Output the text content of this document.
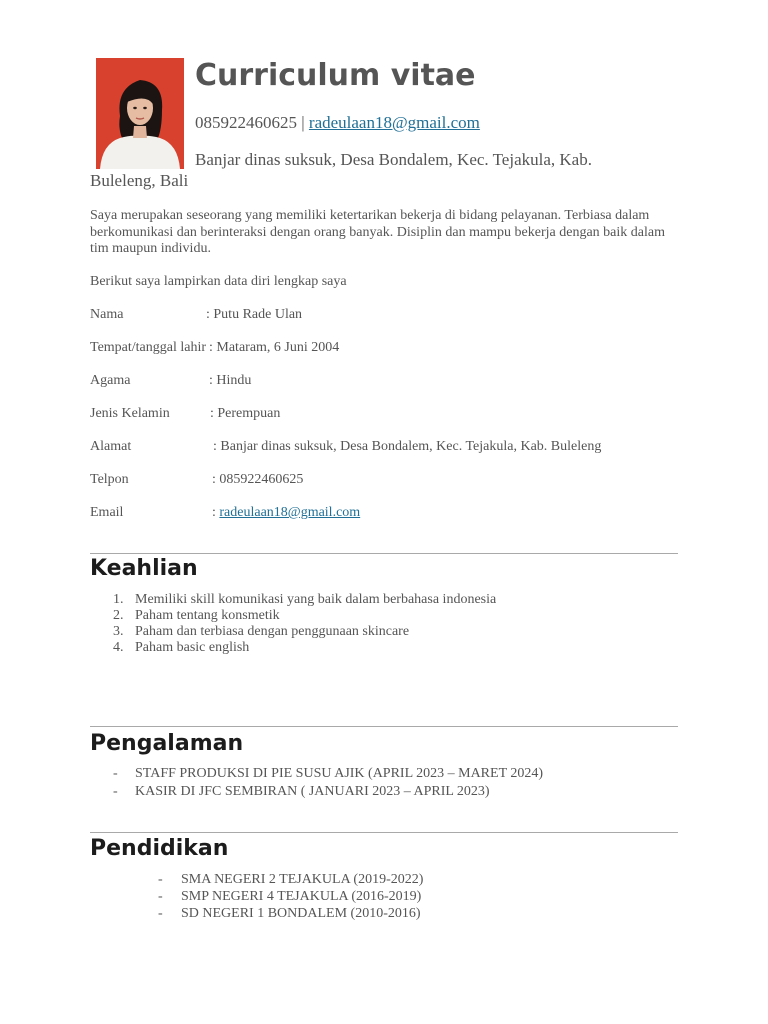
Curriculum vitae
085922460625 | radeulaan18@gmail.com
Banjar dinas suksuk, Desa Bondalem, Kec. Tejakula, Kab.
Buleleng, Bali

Saya merupakan seseorang yang memiliki ketertarikan bekerja di bidang pelayanan. Terbiasa dalam berkomunikasi dan berinteraksi dengan orang banyak. Disiplin dan mampu bekerja dengan baik dalam tim maupun individu.

Berikut saya lampirkan data diri lengkap saya
Nama	: Putu Rade Ulan
Tempat/tanggal lahir : Mataram, 6 Juni 2004
Agama	: Hindu
Jenis Kelamin	: Perempuan
Alamat	: Banjar dinas suksuk, Desa Bondalem, Kec. Tejakula, Kab. Buleleng
Telpon	: 085922460625
Email	: radeulaan18@gmail.com
Keahlian
1. Memiliki skill komunikasi yang baik dalam berbahasa indonesia
2. Paham tentang konsmetik
3. Paham dan terbiasa dengan penggunaan skincare
4. Paham basic english
Pengalaman
- STAFF PRODUKSI DI PIE SUSU AJIK (APRIL 2023 – MARET 2024)
- KASIR DI JFC SEMBIRAN ( JANUARI 2023 – APRIL 2023)
Pendidikan
- SMA NEGERI 2 TEJAKULA (2019-2022)
- SMP NEGERI 4 TEJAKULA (2016-2019)
- SD NEGERI 1 BONDALEM (2010-2016)
